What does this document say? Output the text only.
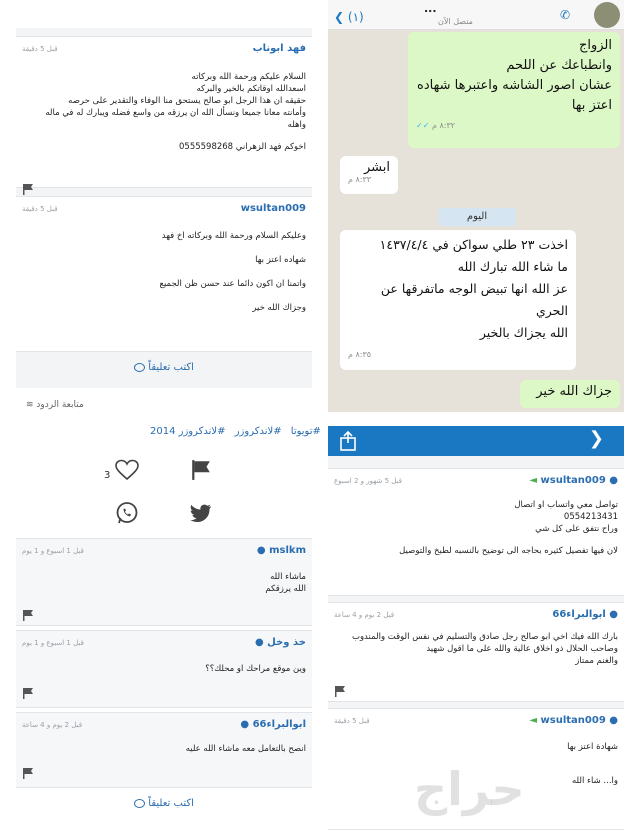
فهد ابوناب
قبل 5 دقيقة
السلام عليكم ورحمة الله وبركاته
اسعدالله اوقاتكم بالخير والبركه
حقيقه ان هذا الرجل ابو صالح يستحق منا الوفاء والتقدير على حرصه
وأمانته معانا جميعا ونسأل الله ان يرزقه من واسع فضله ويبارك له في ماله
واهله
اخوكم فهد الزهراني 0555598268
wsultan009
قبل 5 دقيقة

وعليكم السلام ورحمة الله وبركاته اخ فهد

شهاده اعتز بها

واتمنا ان اكون دائما عند حسن ظن الجميع

وجزاك الله خير

اكتب تعليقاً
متابعة الردود ≋
#تويوتا #لاندكروزر #لاندكروزر 2014
3
mslkm ●
قبل 1 اسبوع و 1 يوم
ماشاء الله
الله يرزقكم
خذ وخل ●
قبل 1 اسبوع و 1 يوم
وين موقع مراحك او محلك؟؟
ابوالبراء66 ●
قبل 2 يوم و 4 ساعة
انصح بالتعامل معه ماشاء الله عليه
اكتب تعليقاً
❮ (١)
...
متصل الآن	✆
الزواج
وانطباعك عن اللحم
عشان اصور الشاشه واعتبرها شهاده
اعتز بها
✓✓ ٨:٣٢ م
ابشر
٨:٣٣ م
اليوم
اخذت ٢٣ طلي سواكن في ١٤٣٧/٤/٤
ما شاء الله تبارك الله
عز الله انها تبيض الوجه ماتفرقها عن
الحري
الله يجزاك بالخير
٨:٣٥ م
جزاك الله خير
❯
● wsultan009 ◄
قبل 5 شهور و 2 اسبوع
تواصل معي واتساب او اتصال
0554213431
وراح نتفق على كل شي
لان فيها تفصيل كثيره بحاجه الى توضيح بالنسبه لطبخ والتوصيل
● ابوالبراء66
قبل 2 يوم و 4 ساعة
بارك الله فيك اخي ابو صالح رجل صادق والتسليم في نفس الوقت والمندوب
وصاحب الحلال ذو اخلاق عالية والله على ما اقول شهيد
والغنم ممتاز
● wsultan009 ◄
قبل 5 دقيقة
شهادة اعتز بها
وا... شاء الله
حراج
